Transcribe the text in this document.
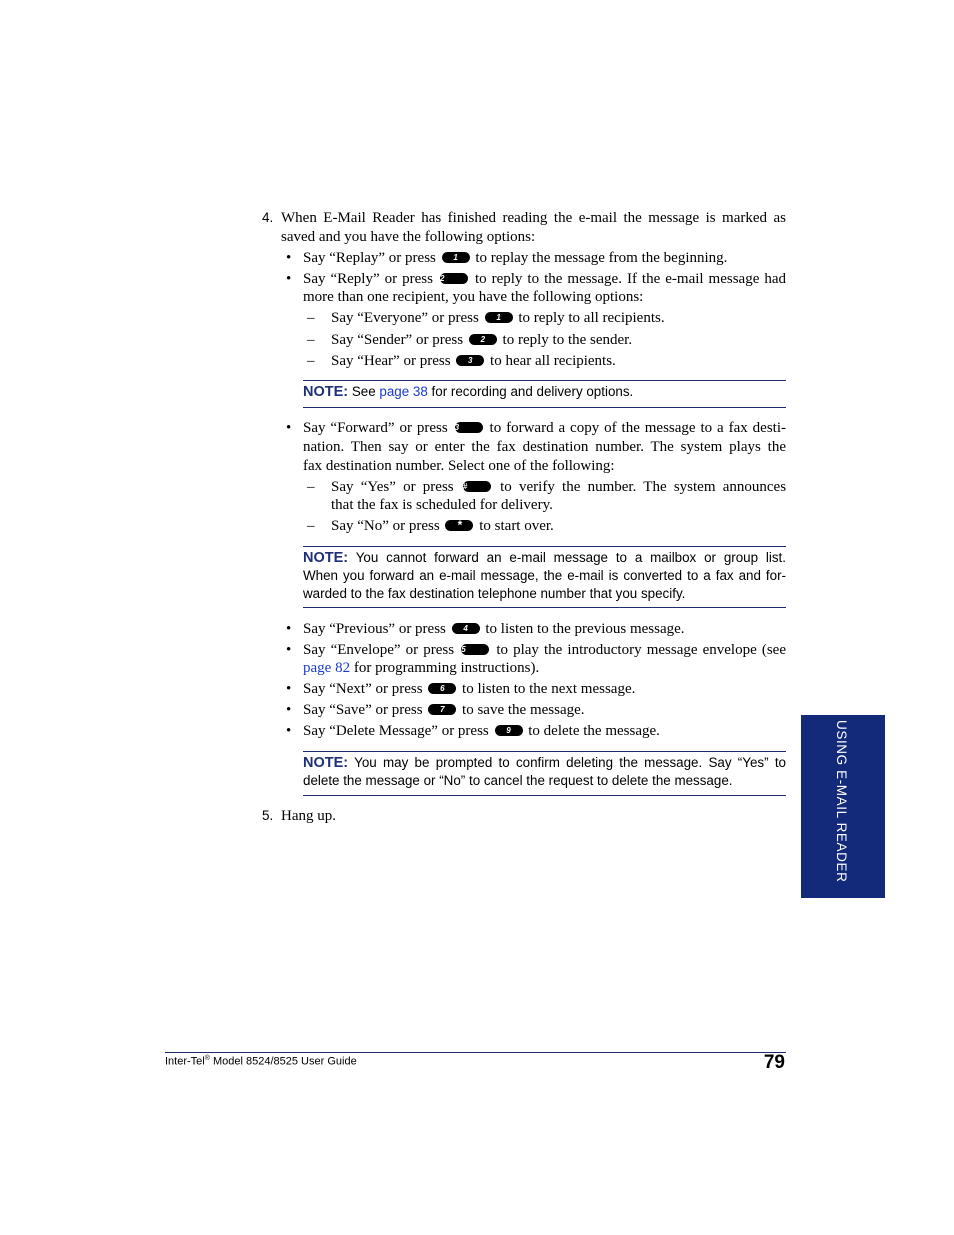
4. When E-Mail Reader has finished reading the e-mail the message is marked as
saved and you have the following options:
• Say “Replay” or press 1 to replay the message from the beginning.
• Say “Reply” or press 2 to reply to the message. If the e-mail message had
more than one recipient, you have the following options:
– Say “Everyone” or press 1 to reply to all recipients.
– Say “Sender” or press 2 to reply to the sender.
– Say “Hear” or press 3 to hear all recipients.
NOTE: See page 38 for recording and delivery options.
• Say “Forward” or press 3 to forward a copy of the message to a fax desti-
nation. Then say or enter the fax destination number. The system plays the
fax destination number. Select one of the following:
– Say “Yes” or press # to verify the number. The system announces
that the fax is scheduled for delivery.
– Say “No” or press * to start over.
NOTE: You cannot forward an e-mail message to a mailbox or group list.
When you forward an e-mail message, the e-mail is converted to a fax and for-
warded to the fax destination telephone number that you specify.
• Say “Previous” or press 4 to listen to the previous message.
• Say “Envelope” or press 5 to play the introductory message envelope (see
page 82 for programming instructions).
• Say “Next” or press 6 to listen to the next message.
• Say “Save” or press 7 to save the message.
• Say “Delete Message” or press 9 to delete the message.
NOTE: You may be prompted to confirm deleting the message. Say “Yes” to
delete the message or “No” to cancel the request to delete the message.
5. Hang up.	USING E-MAIL READER
Inter-Tel® Model 8524/8525 User Guide	79
